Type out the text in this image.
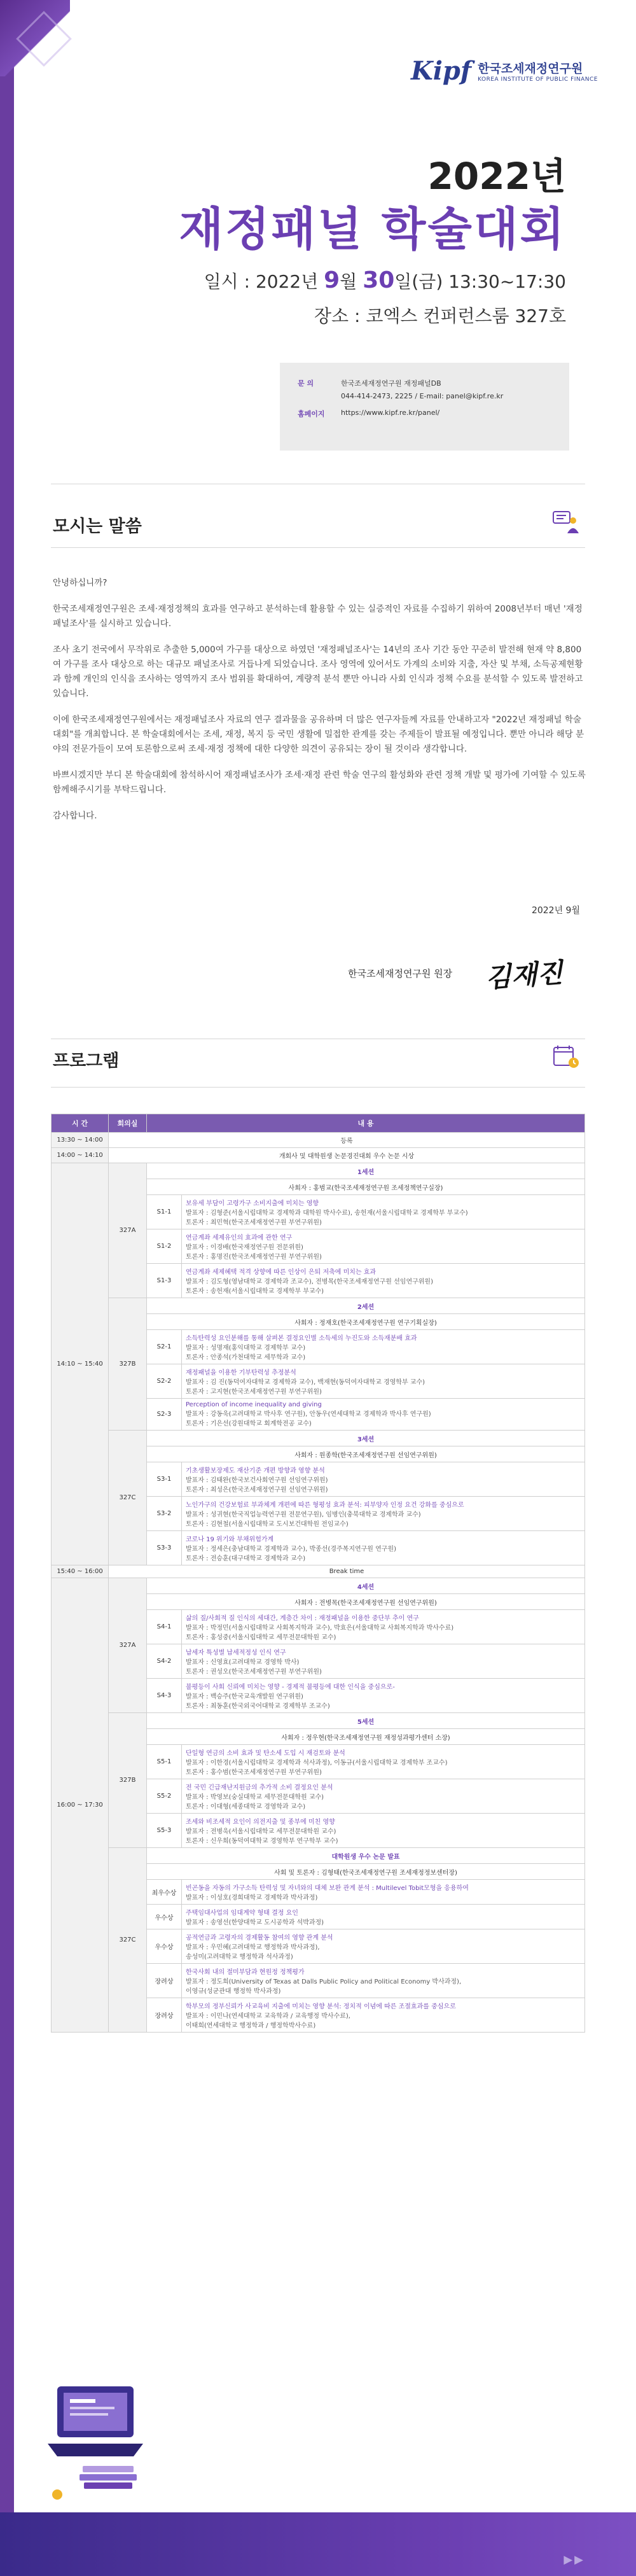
Kipf 한국조세재정연구원
KOREA INSTITUTE OF PUBLIC FINANCE
2022년
재정패널 학술대회
일시 : 2022년 9월 30일(금) 13:30~17:30
장소 : 코엑스 컨퍼런스룸 327호
문 의	한국조세재정연구원 재정패널DB
044-414-2473, 2225 / E-mail: panel@kipf.re.kr
홈페이지	https://www.kipf.re.kr/panel/
모시는 말씀

안녕하십니까?

한국조세재정연구원은 조세·재정정책의 효과를 연구하고 분석하는데 활용할 수 있는 실증적인 자료를 수집하기 위하여 2008년부터 매년 '재정패널조사'를 실시하고 있습니다.

조사 초기 전국에서 무작위로 추출한 5,000여 가구를 대상으로 하였던 '재정패널조사'는 14년의 조사 기간 동안 꾸준히 발전해 현재 약 8,800여 가구를 조사 대상으로 하는 대규모 패널조사로 거듭나게 되었습니다. 조사 영역에 있어서도 가계의 소비와 지출, 자산 및 부채, 소득공제현황과 함께 개인의 인식을 조사하는 영역까지 조사 범위를 확대하여, 계량적 분석 뿐만 아니라 사회 인식과 정책 수요를 분석할 수 있도록 발전하고 있습니다.

이에 한국조세재정연구원에서는 재정패널조사 자료의 연구 결과물을 공유하며 더 많은 연구자들께 자료를 안내하고자 "2022년 재정패널 학술대회"를 개최합니다. 본 학술대회에서는 조세, 재정, 복지 등 국민 생활에 밀접한 관계를 갖는 주제들이 발표될 예정입니다. 뿐만 아니라 해당 분야의 전문가들이 모여 토론함으로써 조세·재정 정책에 대한 다양한 의견이 공유되는 장이 될 것이라 생각합니다.

바쁘시겠지만 부디 본 학술대회에 참석하시어 재정패널조사가 조세·재정 관련 학술 연구의 활성화와 관련 정책 개발 및 평가에 기여할 수 있도록 함께해주시기를 부탁드립니다.

감사합니다.

2022년 9월
한국조세재정연구원 원장 김재진
프로그램
시 간	회의실	내 용	
13:30 ~ 14:00	등록		
14:00 ~ 14:10	개회사 및 대학원생 논문경진대회 우수 논문 시상		
14:10 ~ 15:40	327A	1세션	
		사회자 : 홍범교(한국조세재정연구원 조세정책연구실장)	
		S1-1	보유세 부담이 고령가구 소비지출에 미치는 영향
발표자 : 김형준(서울시립대학교 경제학과 대학원 박사수료), 송헌재(서울시립대학교 경제학부 부교수)
토론자 : 최민혁(한국조세재정연구원 부연구위원)

		S1-2	연금계좌 세제유인의 효과에 관한 연구
발표자 : 이경배(한국재정연구원 전문위원)
토론자 : 홍명진(한국조세재정연구원 부연구위원)

		S1-3	연금계좌 세제혜택 적격 상향에 따른 인상이 은퇴 저축에 미치는 효과
발표자 : 김도형(영남대학교 경제학과 조교수), 전병목(한국조세재정연구원 선임연구위원)
토론자 : 송헌재(서울시립대학교 경제학부 부교수)

	327B	2세션	
		사회자 : 정재호(한국조세재정연구원 연구기획실장)	
		S2-1	소득탄력성 요인분해를 통해 살펴본 결정요인별 소득세의 누진도와 소득재분배 효과
발표자 : 성명재(홍익대학교 경제학부 교수)
토론자 : 안종석(가천대학교 세무학과 교수)

		S2-2	재정패널을 이용한 기부탄력성 추정분석
발표자 : 김 진(동덕여자대학교 경제학과 교수), 백재현(동덕여자대학교 경영학부 교수)
토론자 : 고지현(한국조세재정연구원 부연구위원)

		S2-3	Perception of income inequality and giving
발표자 : 강동욱(고려대학교 박사후 연구원), 안동우(연세대학교 경제학과 박사후 연구원)
토론자 : 기은선(강원대학교 회계학전공 교수)

	327C	3세션	
		사회자 : 원종학(한국조세재정연구원 선임연구위원)	
		S3-1	기초생활보장제도 재산기준 개편 방향과 영향 분석
발표자 : 김태완(한국보건사회연구원 선임연구위원)
토론자 : 최성은(한국조세재정연구원 선임연구위원)

		S3-2	노인가구의 건강보험료 부과체계 개편에 따른 형평성 효과 분석: 피부양자 인정 요건 강화를 중심으로
발표자 : 성귀현(한국직업능력연구원 전문연구원), 임병인(충북대학교 경제학과 교수)
토론자 : 김현철(서울시립대학교 도시보건대학원 전임교수)

		S3-3	코로나 19 위기와 부채위험가계
발표자 : 정세은(충남대학교 경제학과 교수), 박종선(경주복지연구원 연구원)
토론자 : 전승훈(대구대학교 경제학과 교수)

15:40 ~ 16:00	Break time		
16:00 ~ 17:30	327A	4세션	
		사회자 : 전병목(한국조세재정연구원 선임연구위원)	
		S4-1	삶의 질/사회적 질 인식의 세대간, 계층간 차이 : 재정패널을 이용한 중단부 추이 연구
발표자 : 박정민(서울시립대학교 사회복지학과 교수), 박효은(서울대학교 사회복지학과 박사수료)
토론자 : 홍성중(서울시립대학교 세무전문대학원 교수)

		S4-2	납세자 특성별 납세적정성 인식 연구
발표자 : 신영효(고려대학교 경영학 박사)
토론자 : 권성오(한국조세재정연구원 부연구위원)

		S4-3	불평등이 사회 신뢰에 미치는 영향 - 경제적 불평등에 대한 인식을 중심으로-
발표자 : 백승주(한국교육개발원 연구위원)
토론자 : 최동훈(한국외국어대학교 경제학부 조교수)

	327B	5세션	
		사회자 : 정우현(한국조세재정연구원 재정성과평가센터 소장)	
		S5-1	단일형 연금의 소비 효과 및 탄소세 도입 시 재검토와 분석
발표자 : 이한경(서울시립대학교 경제학과 석사과정), 이동규(서울시립대학교 경제학부 조교수)
토론자 : 홍수범(한국조세재정연구원 부연구위원)

		S5-2	전 국민 긴급재난지원금의 추가적 소비 결정요인 분석
발표자 : 박영보(숭실대학교 세무전문대학원 교수)
토론자 : 이대형(세종대학교 경영학과 교수)

		S5-3	조세와 비조세적 요인이 의전지출 및 종부에 미친 영향
발표자 : 전병욱(서울시립대학교 세무전문대학원 교수)
토론자 : 신우희(동덕여대학교 경영학부 연구학부 교수)

	327C	대학원생 우수 논문 발표	
		사회 및 토론자 : 김형태(한국조세재정연구원 조세재정정보센터장)	
		최우수상	빈곤동을 자동의 가구소득 탄력성 및 자녀와의 대체 보완 관계 분석 : Multilevel Tobit모형을 응용하여
발표자 : 이성호(경희대학교 경제학과 박사과정)

		우수상	주택임대사업의 임대계약 형태 결정 요인
발표자 : 송영선(한양대학교 도시공학과 석박과정)

		우수상	공적연금과 고령자의 경제활동 참여의 영향 관계 분석
발표자 : 우민혜(고려대학교 행정학과 박사과정),
송성미(고려대학교 행정학과 석사과정)

		장려상	한국사회 내의 절미부담과 현원정 정책평가
발표자 : 정도희(University of Texas at Dalls Public Policy and Political Economy 박사과정),
이영규(성균관대 행정학 박사과정)

		장려상	학부모의 정부신뢰가 사교육비 지출에 미치는 영향 분석: 정치적 이념에 따른 조절효과를 중심으로
발표자 : 이민나(연세대학교 교육학과 / 교육행정 박사수료),
이태희(연세대학교 행정학과 / 행정학박사수료)
▶▶
